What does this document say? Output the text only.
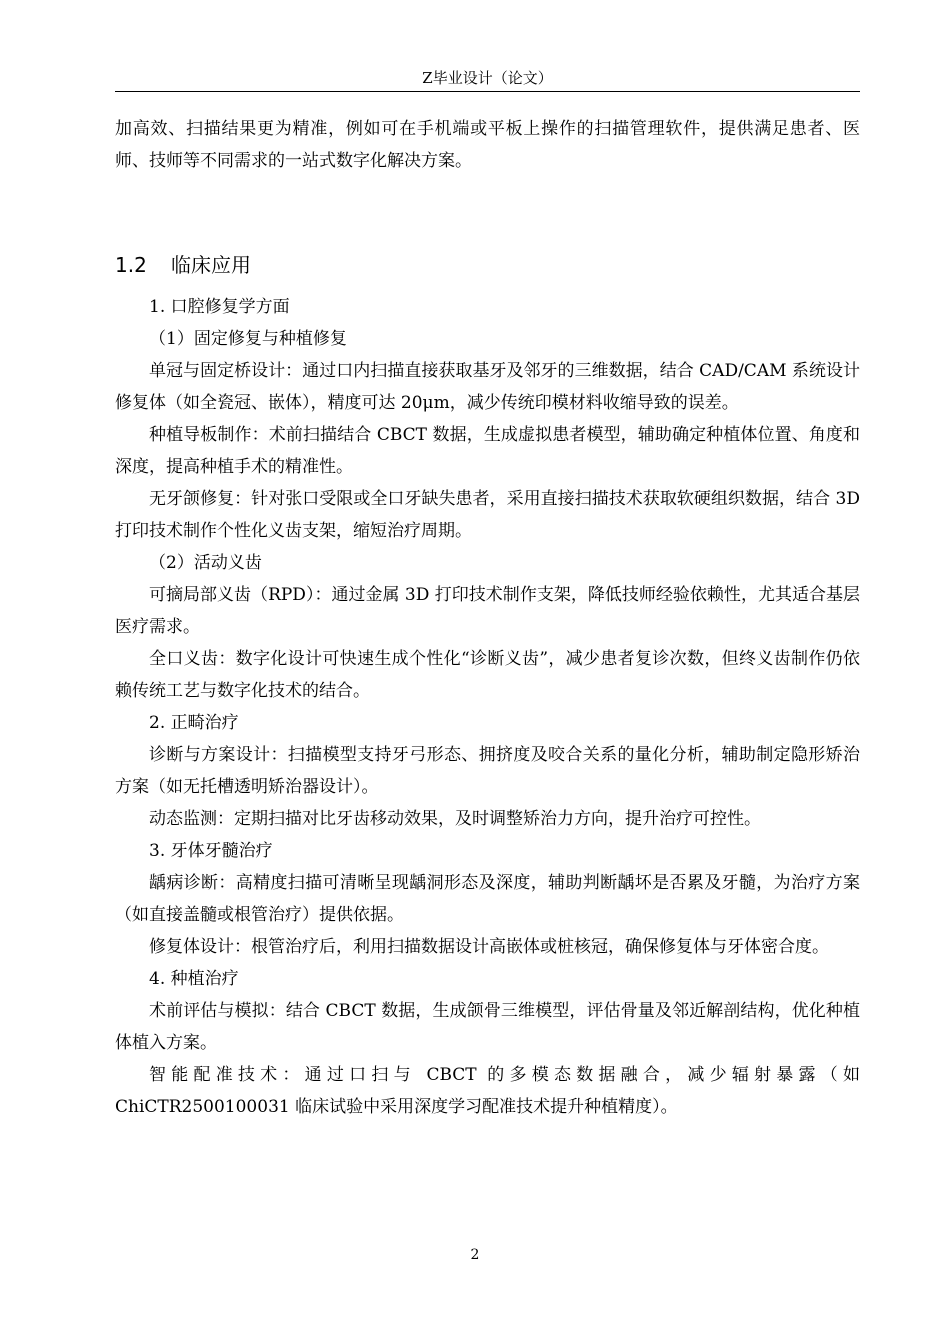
Z毕业设计（论文）

加高效、扫描结果更为精准，例如可在手机端或平板上操作的扫描管理软件，提供满足患者、医师、技师等不同需求的一站式数字化解决方案。

1.2 临床应用

1. 口腔修复学方面

（1）固定修复与种植修复

单冠与固定桥设计：通过口内扫描直接获取基牙及邻牙的三维数据，结合 CAD/CAM 系统设计修复体（如全瓷冠、嵌体），精度可达 20μm，减少传统印模材料收缩导致的误差。

种植导板制作：术前扫描结合 CBCT 数据，生成虚拟患者模型，辅助确定种植体位置、角度和深度，提高种植手术的精准性。

无牙颌修复：针对张口受限或全口牙缺失患者，采用直接扫描技术获取软硬组织数据，结合 3D 打印技术制作个性化义齿支架，缩短治疗周期。

（2）活动义齿

可摘局部义齿（RPD）：通过金属 3D 打印技术制作支架，降低技师经验依赖性，尤其适合基层医疗需求。

全口义齿：数字化设计可快速生成个性化“诊断义齿”，减少患者复诊次数，但终义齿制作仍依赖传统工艺与数字化技术的结合。

2. 正畸治疗

诊断与方案设计：扫描模型支持牙弓形态、拥挤度及咬合关系的量化分析，辅助制定隐形矫治方案（如无托槽透明矫治器设计）。

动态监测：定期扫描对比牙齿移动效果，及时调整矫治力方向，提升治疗可控性。

3. 牙体牙髓治疗

龋病诊断：高精度扫描可清晰呈现龋洞形态及深度，辅助判断龋坏是否累及牙髓，为治疗方案（如直接盖髓或根管治疗）提供依据。

修复体设计：根管治疗后，利用扫描数据设计高嵌体或桩核冠，确保修复体与牙体密合度。

4. 种植治疗

术前评估与模拟：结合 CBCT 数据，生成颌骨三维模型，评估骨量及邻近解剖结构，优化种植体植入方案。

智能配准技术：通过口扫与 CBCT 的多模态数据融合，减少辐射暴露（如 ChiCTR2500100031 临床试验中采用深度学习配准技术提升种植精度）。

2
